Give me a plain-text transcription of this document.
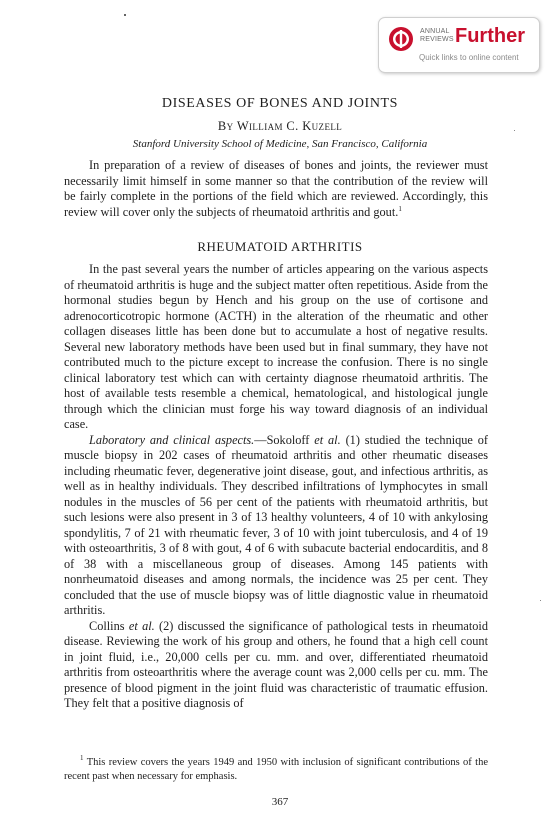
ANNUAL
REVIEWS Further
Quick links to online content
DISEASES OF BONES AND JOINTS
By William C. Kuzell
Stanford University School of Medicine, San Francisco, California

In preparation of a review of diseases of bones and joints, the reviewer must necessarily limit himself in some manner so that the contribution of the review will be fairly complete in the portions of the field which are reviewed. Accordingly, this review will cover only the subjects of rheumatoid arthritis and gout.$^1$

RHEUMATOID ARTHRITIS

In the past several years the number of articles appearing on the various aspects of rheumatoid arthritis is huge and the subject matter often repetitious. Aside from the hormonal studies begun by Hench and his group on the use of cortisone and adrenocorticotropic hormone (ACTH) in the alteration of the rheumatic and other collagen diseases little has been done but to accumulate a host of negative results. Several new laboratory methods have been used but in final summary, they have not contributed much to the picture except to increase the confusion. There is no single clinical laboratory test which can with certainty diagnose rheumatoid arthritis. The host of available tests resemble a chemical, hematological, and histological jungle through which the clinician must forge his way toward diagnosis of an individual case.

Laboratory and clinical aspects.—Sokoloff et al. (1) studied the technique of muscle biopsy in 202 cases of rheumatoid arthritis and other rheumatic diseases including rheumatic fever, degenerative joint disease, gout, and infectious arthritis, as well as in healthy individuals. They described infiltrations of lymphocytes in small nodules in the muscles of 56 per cent of the patients with rheumatoid arthritis, but such lesions were also present in 3 of 13 healthy volunteers, 4 of 10 with ankylosing spondylitis, 7 of 21 with rheumatic fever, 3 of 10 with joint tuberculosis, and 4 of 19 with osteoarthritis, 3 of 8 with gout, 4 of 6 with subacute bacterial endocarditis, and 8 of 38 with a miscellaneous group of diseases. Among 145 patients with nonrheumatoid diseases and among normals, the incidence was 25 per cent. They concluded that the use of muscle biopsy was of little diagnostic value in rheumatoid arthritis.

Collins et al. (2) discussed the significance of pathological tests in rheumatoid disease. Reviewing the work of his group and others, he found that a high cell count in joint fluid, i.e., 20,000 cells per cu. mm. and over, differentiated rheumatoid arthritis from osteoarthritis where the average count was 2,000 cells per cu. mm. The presence of blood pigment in the joint fluid was characteristic of traumatic effusion. They felt that a positive diagnosis of

$^1$ This review covers the years 1949 and 1950 with inclusion of significant contributions of the recent past when necessary for emphasis.
367
